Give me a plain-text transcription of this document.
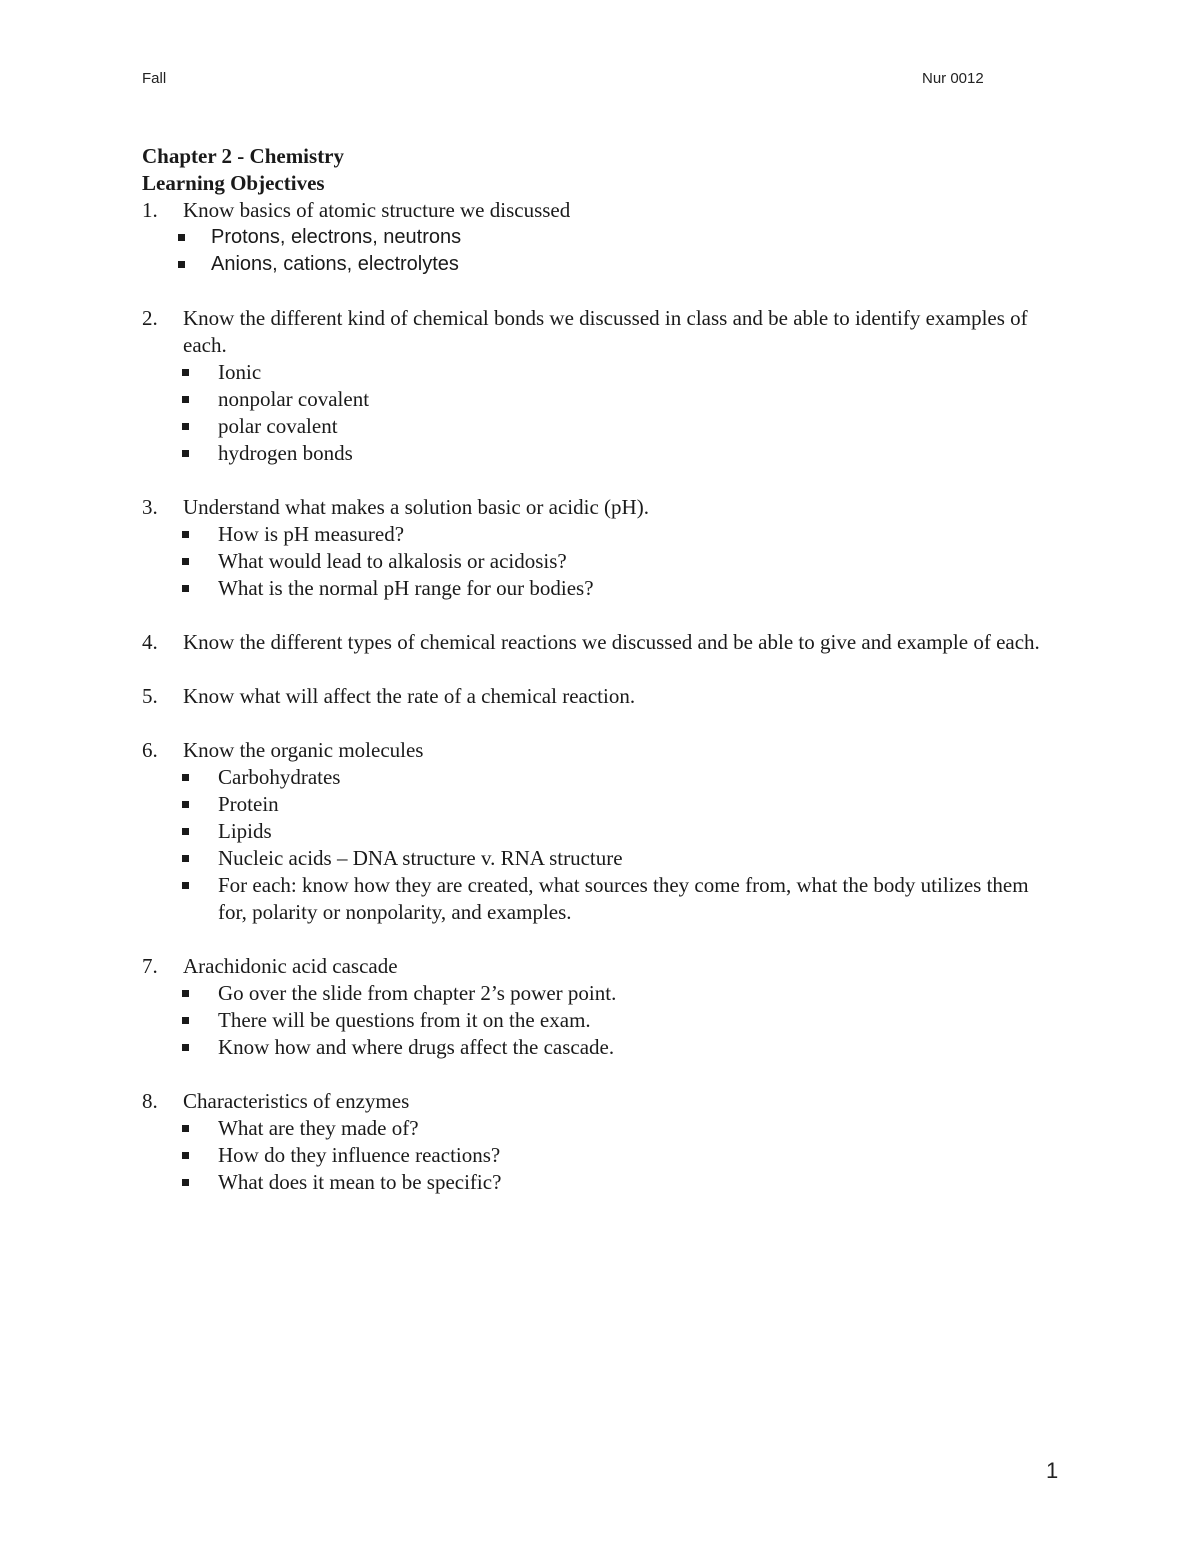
Fall	Nur 0012
Chapter 2 - Chemistry
Learning Objectives
1. Know basics of atomic structure we discussed
Protons, electrons, neutrons
Anions, cations, electrolytes
2. Know the different kind of chemical bonds we discussed in class and be able to identify examples of each.
Ionic
nonpolar covalent
polar covalent
hydrogen bonds
3. Understand what makes a solution basic or acidic (pH).
How is pH measured?
What would lead to alkalosis or acidosis?
What is the normal pH range for our bodies?
4. Know the different types of chemical reactions we discussed and be able to give and example of each.
5. Know what will affect the rate of a chemical reaction.
6. Know the organic molecules
Carbohydrates
Protein
Lipids
Nucleic acids – DNA structure v. RNA structure
For each: know how they are created, what sources they come from, what the body utilizes them for, polarity or nonpolarity, and examples.
7. Arachidonic acid cascade
Go over the slide from chapter 2’s power point.
There will be questions from it on the exam.
Know how and where drugs affect the cascade.
8. Characteristics of enzymes
What are they made of?
How do they influence reactions?
What does it mean to be specific?
1
